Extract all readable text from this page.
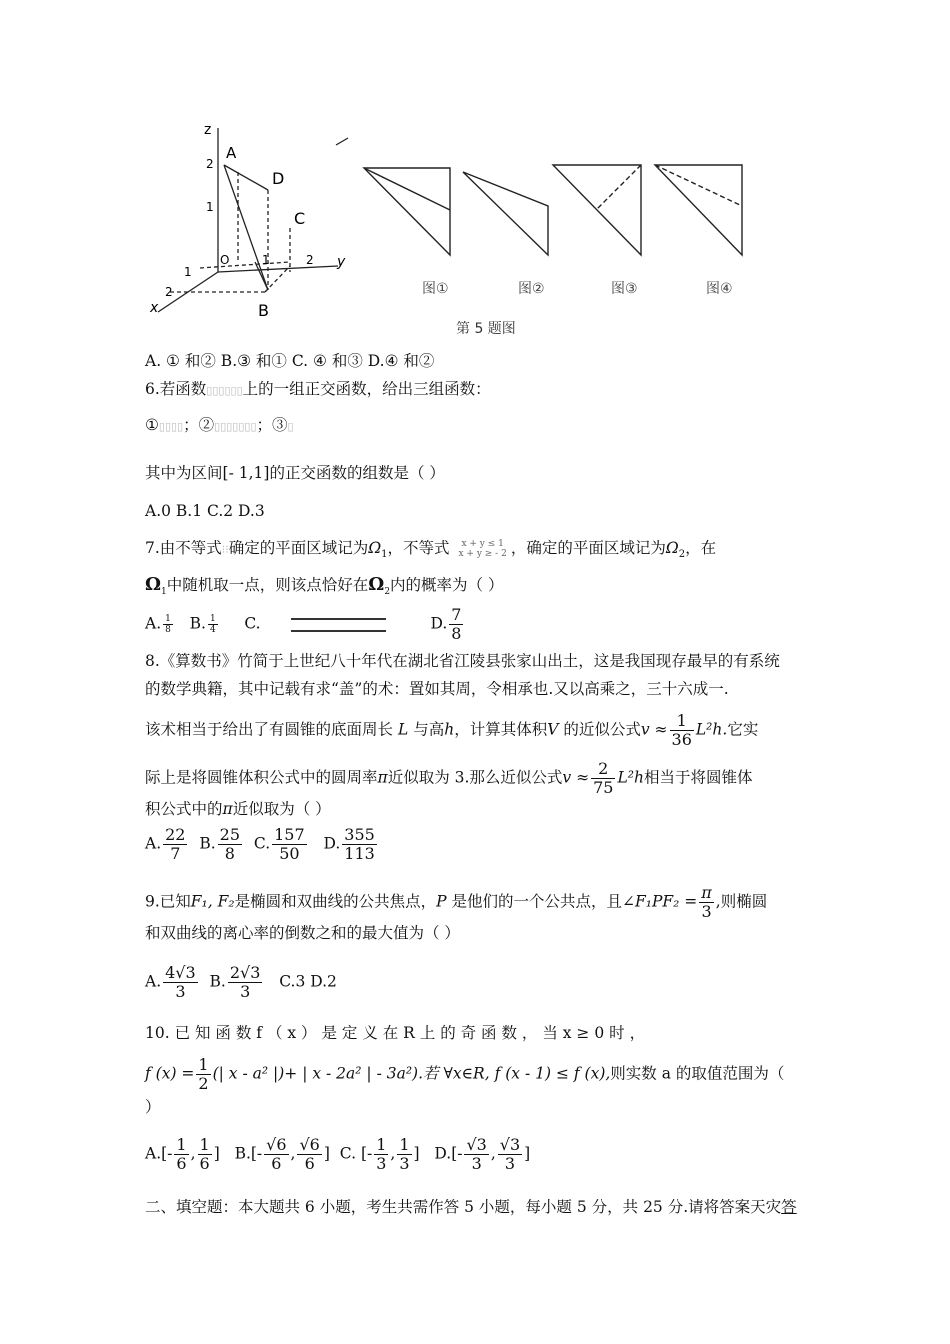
z
2
1
O	1	2 y
1
2
x
A
D
C
B
图①	图②	图③	图④
第 5 题图
A. ① 和② B.③ 和① C. ④ 和③ D.④ 和②
6.若函数▯▯▯▯▯▯上的一组正交函数，给出三组函数：
①▯▯▯▯；②▯▯▯▯▯▯▯；③▯
其中为区间[- 1,1]的正交函数的组数是（ ）
A.0 B.1 C.2 D.3
7.由不等式⁝⁝确定的平面区域记为$\Omega_1$，不等式	x + y ≤ 1
x + y ≥ - 2 ，确定的平面区域记为$\Omega_2$，在
$\Omega_1$中随机取一点，则该点恰好在$\Omega_2$内的概率为（ ）
A. $\frac{1}{8} B$. $\frac{1}{4} C$.	D. $\frac{7}{8}$
8.《算数书》竹简于上世纪八十年代在湖北省江陵县张家山出土，这是我国现存最早的有系统
的数学典籍，其中记载有求“盖”的术：置如其周，令相承也.又以高乘之，三十六成一.
该术相当于给出了有圆锥的底面周长 L 与高h，计算其体积V 的近似公式$v \approx \frac{1}{36} L^2h$.它实
际上是将圆锥体积公式中的圆周率π近似取为 3.那么近似公式$v \approx \frac{2}{75} L^2h$相当于将圆锥体
积公式中的π近似取为（ ）
A. $\frac{22}{7} B$. $\frac{25}{8} C$. $\frac{157}{50} D$. $\frac{355}{113}$
9.已知F₁, F₂是椭圆和双曲线的公共焦点，P 是他们的一个公共点，且∠F₁PF₂ = $\frac{\pi}{3}$ ,则椭圆
和双曲线的离心率的倒数之和的最大值为（ ）
A. $\frac{4√3}{3} B$. $\frac{2√3}{3} C.3$ D.2
10. 已 知 函 数 f （ x ） 是 定 义 在 R 上 的 奇 函 数 ， 当 x ≥ 0 时 ，
f $(x) = \frac{1}{2}$ (| x - a² |)+ | x - 2a² | - 3a²).若 ∀x∈R, f (x - 1) ≤ f (x),则实数 a 的取值范围为（
）
$A.[- \frac{1}{6}$ , $\frac{1}{6}$ ] $B.[- \frac{√6}{6}$ , $\frac{√6}{6}$ ] C. [- $\frac{1}{3}$ , $\frac{1}{3}$ ] $D.[- \frac{√3}{3}$ , $\frac{√3}{3}$ ]
二、填空题：本大题共 6 小题，考生共需作答 5 小题，每小题 5 分，共 25 分.请将答案天灾答
